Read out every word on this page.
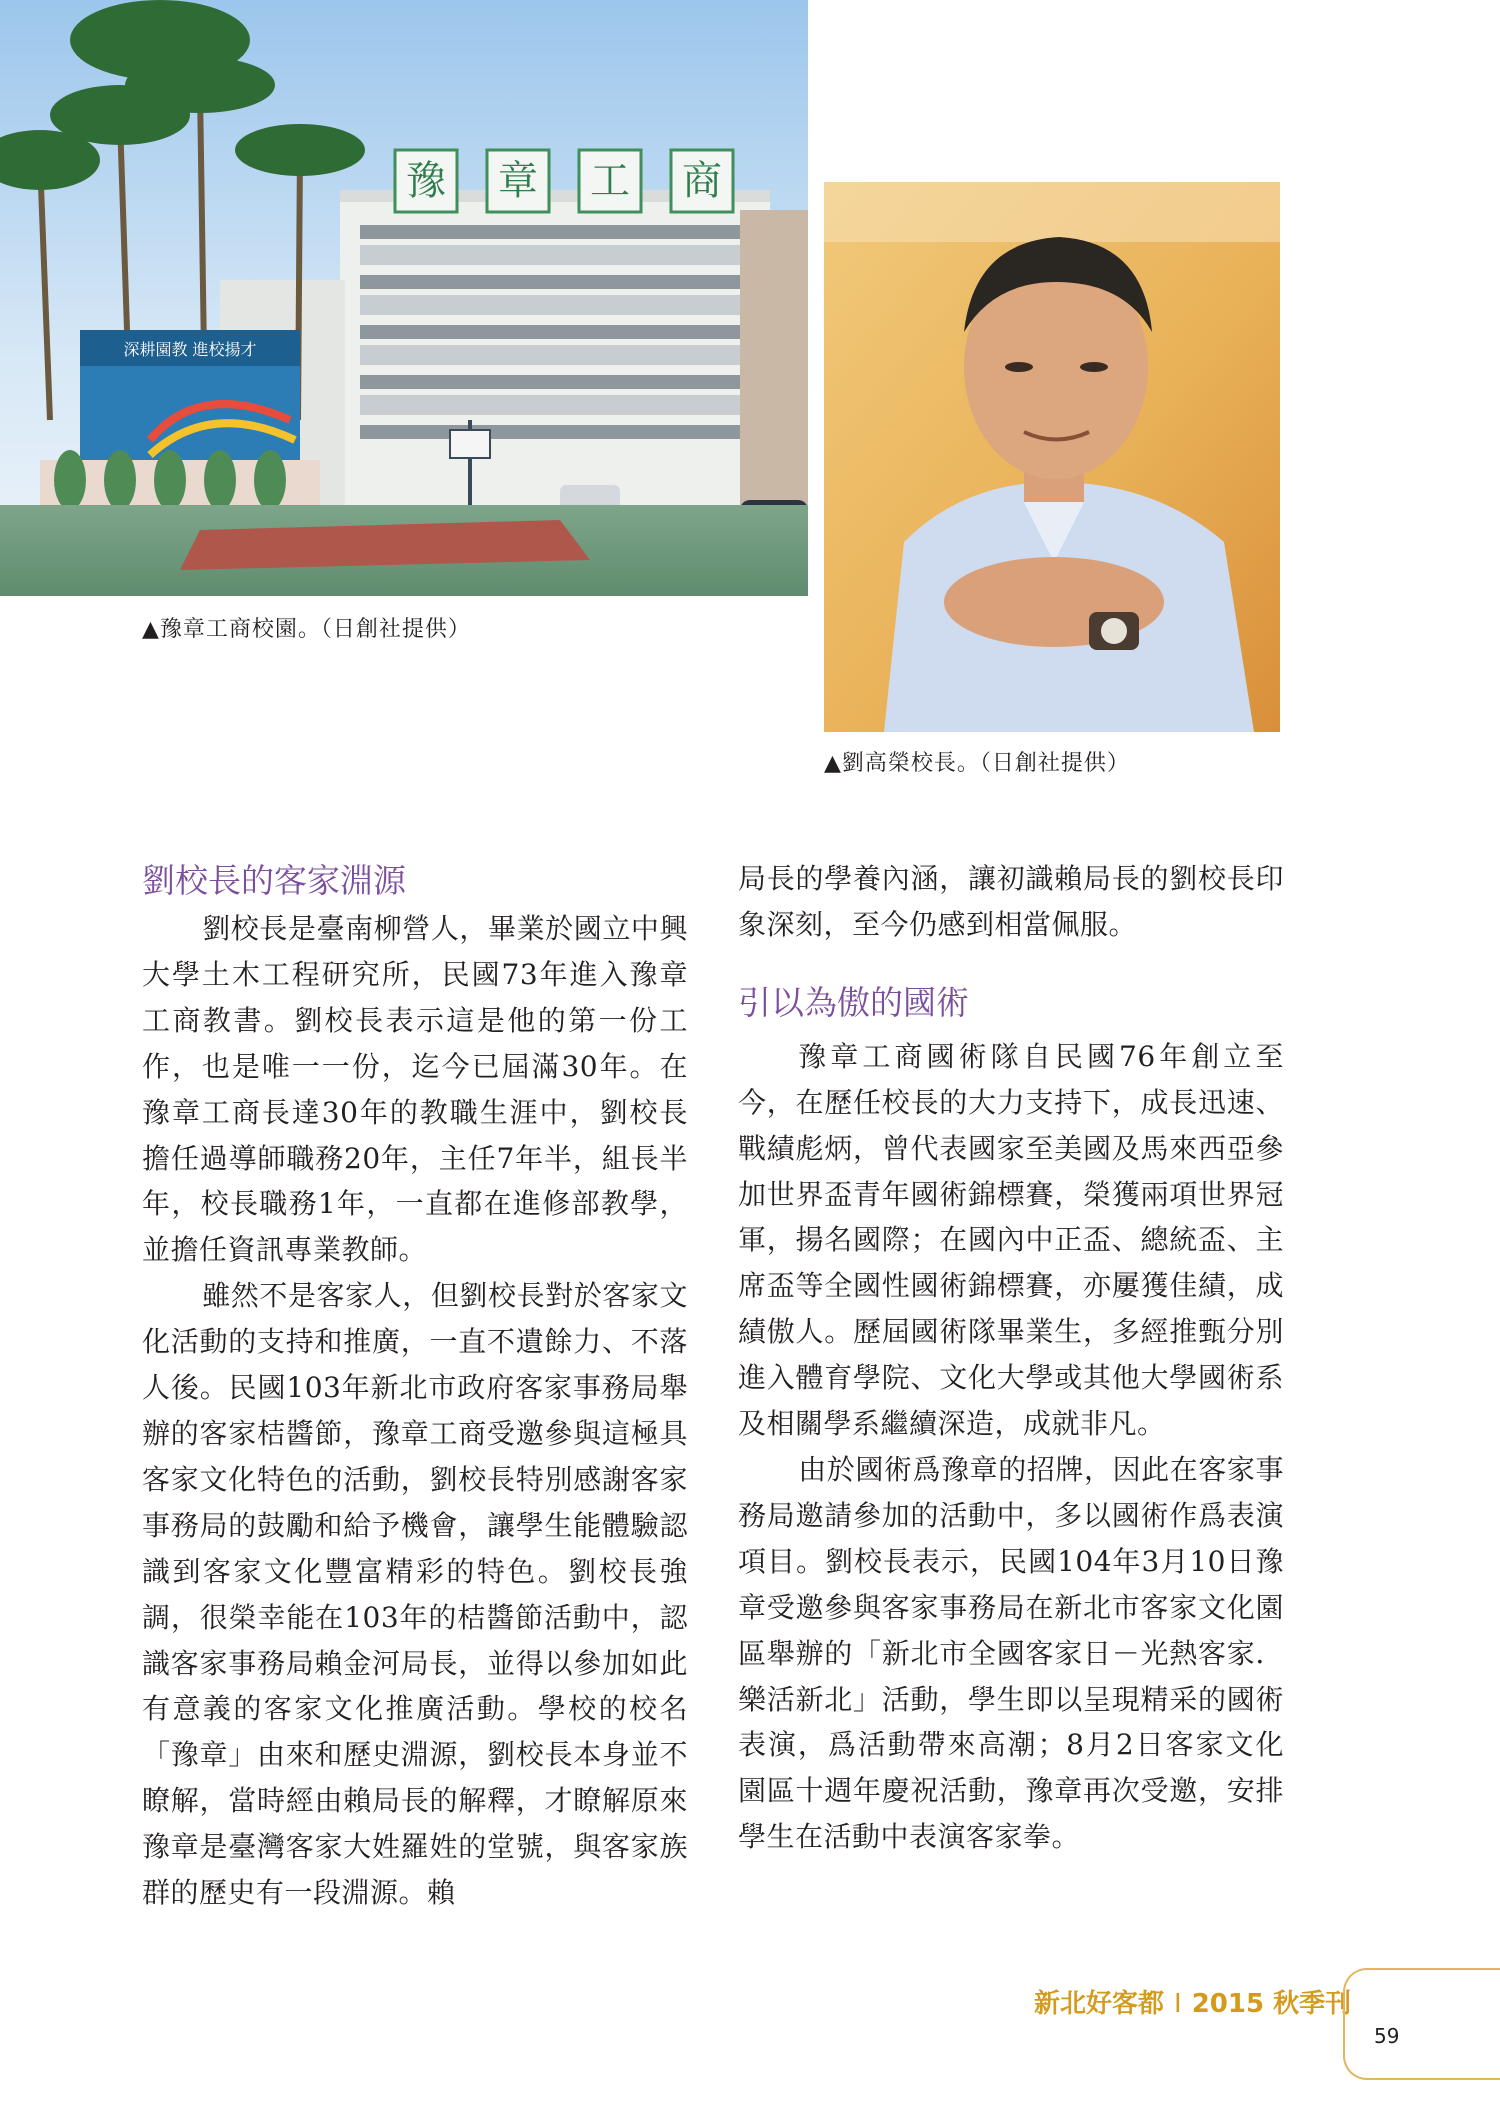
豫 章 工 商
深耕園教 進校揚才
▲豫章工商校園。（日創社提供）
▲劉高榮校長。（日創社提供）
劉校長的客家淵源

劉校長是臺南柳營人，畢業於國立中興大學土木工程研究所，民國73年進入豫章工商教書。劉校長表示這是他的第一份工作，也是唯一一份，迄今已屆滿30年。在豫章工商長達30年的教職生涯中，劉校長擔任過導師職務20年，主任7年半，組長半年，校長職務1年，一直都在進修部教學，並擔任資訊專業教師。

雖然不是客家人，但劉校長對於客家文化活動的支持和推廣，一直不遺餘力、不落人後。民國103年新北市政府客家事務局舉辦的客家桔醬節，豫章工商受邀參與這極具客家文化特色的活動，劉校長特別感謝客家事務局的鼓勵和給予機會，讓學生能體驗認識到客家文化豐富精彩的特色。劉校長強調，很榮幸能在103年的桔醬節活動中，認識客家事務局賴金河局長，並得以參加如此有意義的客家文化推廣活動。學校的校名「豫章」由來和歷史淵源，劉校長本身並不瞭解，當時經由賴局長的解釋，才瞭解原來豫章是臺灣客家大姓羅姓的堂號，與客家族群的歷史有一段淵源。賴

局長的學養內涵，讓初識賴局長的劉校長印象深刻，至今仍感到相當佩服。

引以為傲的國術

豫章工商國術隊自民國76年創立至今，在歷任校長的大力支持下，成長迅速、戰績彪炳，曾代表國家至美國及馬來西亞參加世界盃青年國術錦標賽，榮獲兩項世界冠軍，揚名國際；在國內中正盃、總統盃、主席盃等全國性國術錦標賽，亦屢獲佳績，成績傲人。歷屆國術隊畢業生，多經推甄分別進入體育學院、文化大學或其他大學國術系及相關學系繼續深造，成就非凡。

由於國術爲豫章的招牌，因此在客家事務局邀請參加的活動中，多以國術作爲表演項目。劉校長表示，民國104年3月10日豫章受邀參與客家事務局在新北市客家文化園區舉辦的「新北市全國客家日－光熱客家．樂活新北」活動，學生即以呈現精采的國術表演，爲活動帶來高潮；8月2日客家文化園區十週年慶祝活動，豫章再次受邀，安排學生在活動中表演客家拳。

新北好客都 I 2015 秋季刊
59
